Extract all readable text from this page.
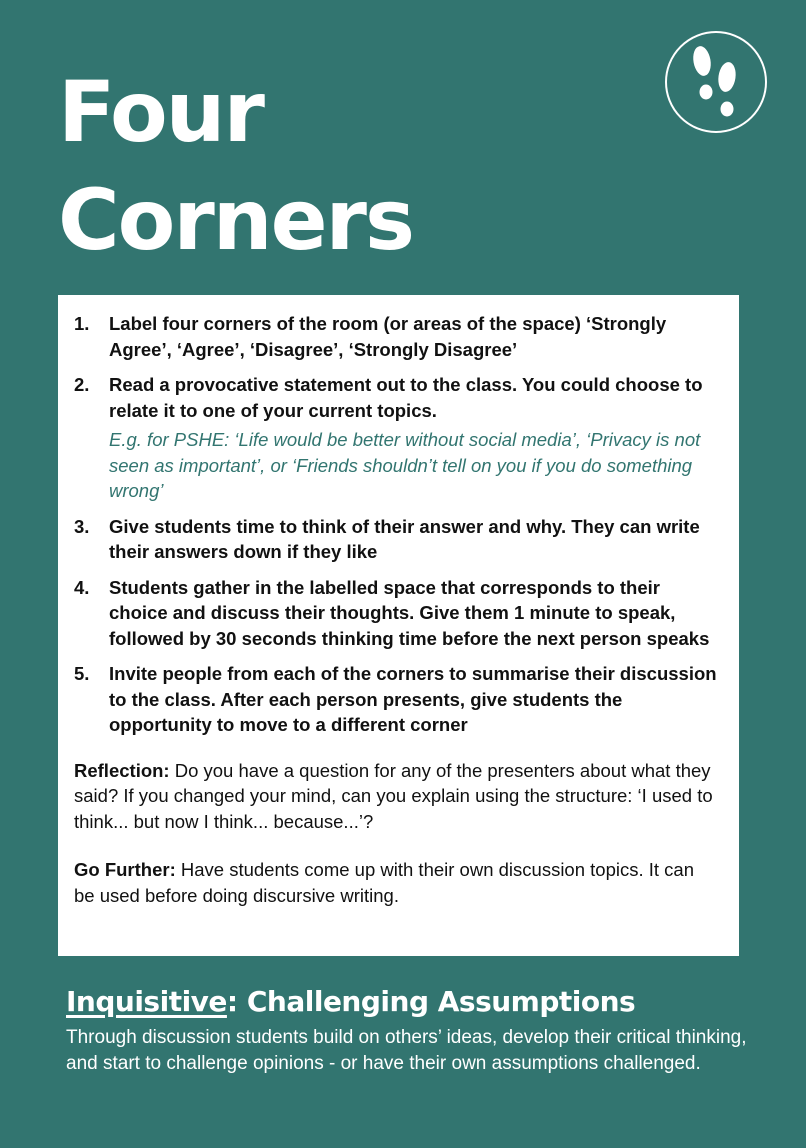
Four
Corners
1. Label four corners of the room (or areas of the space) ‘Strongly Agree’, ‘Agree’, ‘Disagree’, ‘Strongly Disagree’
2. Read a provocative statement out to the class. You could choose to relate it to one of your current topics.
E.g. for PSHE: ‘Life would be better without social media’, ‘Privacy is not seen as important’, or ‘Friends shouldn’t tell on you if you do something wrong’
3. Give students time to think of their answer and why. They can write their answers down if they like
4. Students gather in the labelled space that corresponds to their choice and discuss their thoughts. Give them 1 minute to speak, followed by 30 seconds thinking time before the next person speaks
5. Invite people from each of the corners to summarise their discussion to the class. After each person presents, give students the opportunity to move to a different corner

Reflection: Do you have a question for any of the presenters about what they said? If you changed your mind, can you explain using the structure: ‘I used to think... but now I think... because...’?

Go Further: Have students come up with their own discussion topics. It can be used before doing discursive writing.

Inquisitive: Challenging Assumptions

Through discussion students build on others’ ideas, develop their critical thinking, and start to challenge opinions - or have their own assumptions challenged.
